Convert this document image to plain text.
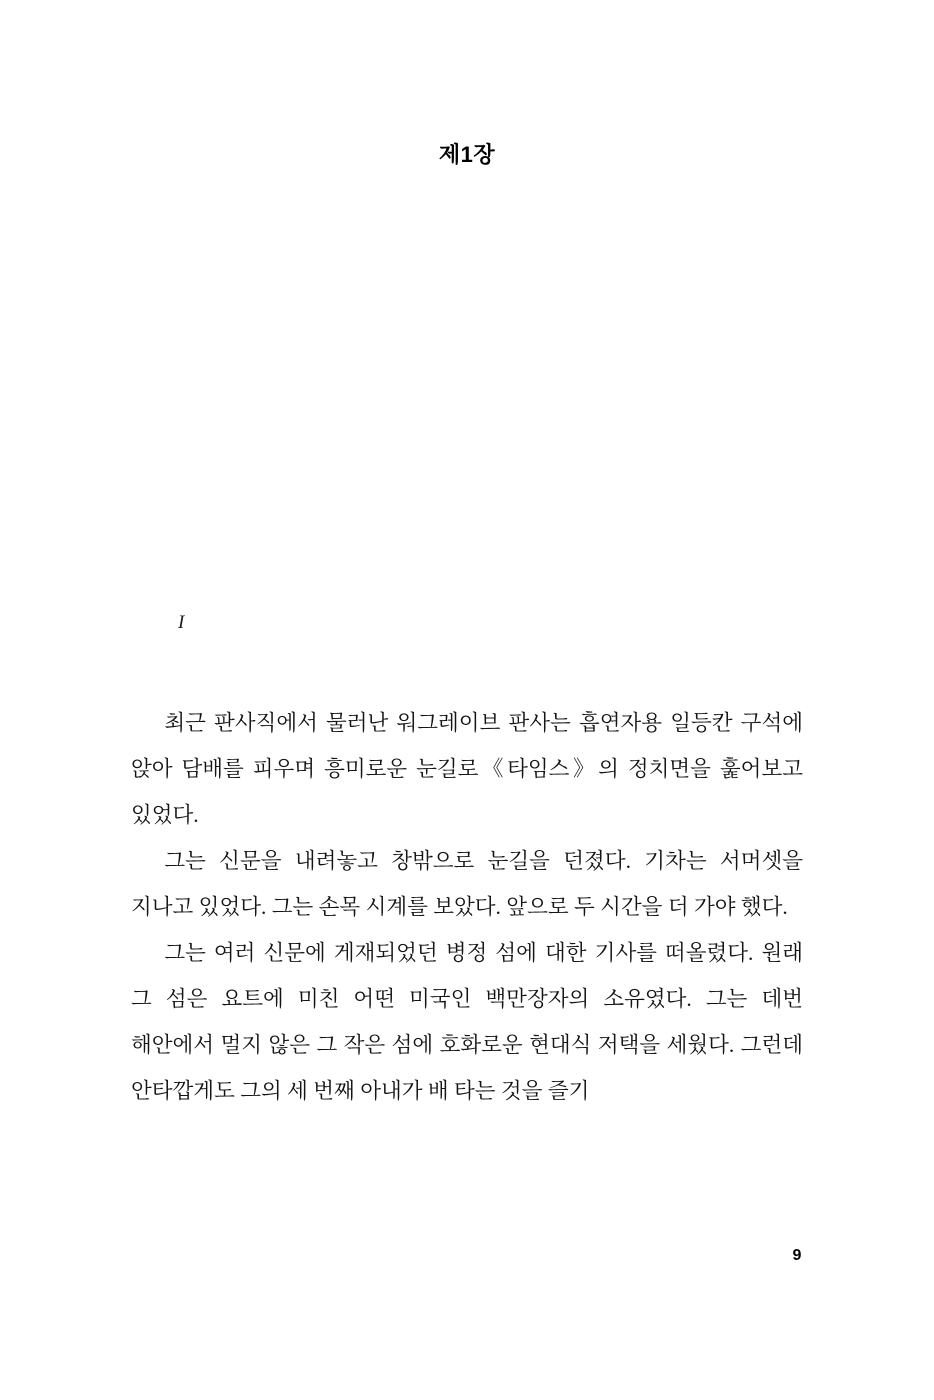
제1장
I

최근 판사직에서 물러난 워그레이브 판사는 흡연자용 일등칸 구석에 앉아 담배를 피우며 흥미로운 눈길로《타임스》의 정치면을 훑어보고 있었다.

그는 신문을 내려놓고 창밖으로 눈길을 던졌다. 기차는 서머셋을 지나고 있었다. 그는 손목 시계를 보았다. 앞으로 두 시간을 더 가야 했다.

그는 여러 신문에 게재되었던 병정 섬에 대한 기사를 떠올렸다. 원래 그 섬은 요트에 미친 어떤 미국인 백만장자의 소유였다. 그는 데번 해안에서 멀지 않은 그 작은 섬에 호화로운 현대식 저택을 세웠다. 그런데 안타깝게도 그의 세 번째 아내가 배 타는 것을 즐기

9
